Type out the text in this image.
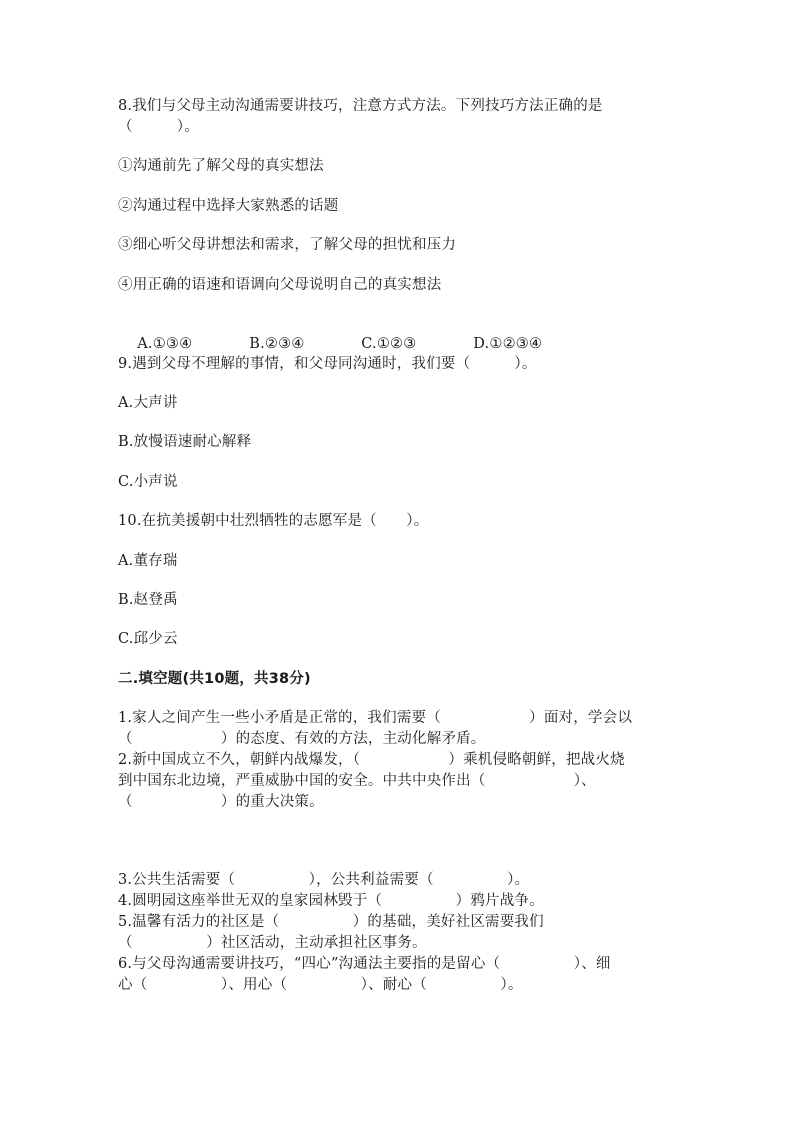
8.我们与父母主动沟通需要讲技巧，注意方式方法。下列技巧方法正确的是
（　　　）。
①沟通前先了解父母的真实想法
②沟通过程中选择大家熟悉的话题
③细心听父母讲想法和需求，了解父母的担忧和压力
④用正确的语速和语调向父母说明自己的真实想法

A.①③④	B.②③④	C.①②③	D.①②③④

9.遇到父母不理解的事情，和父母同沟通时，我们要（　　　）。
A.大声讲
B.放慢语速耐心解释
C.小声说
10.在抗美援朝中壮烈牺牲的志愿军是（　　）。
A.董存瑞
B.赵登禹
C.邱少云
二.填空题(共10题，共38分)
1.家人之间产生一些小矛盾是正常的，我们需要（　　　　　　）面对，学会以
（　　　　　　）的态度、有效的方法，主动化解矛盾。
2.新中国成立不久，朝鲜内战爆发，（　　　　　　）乘机侵略朝鲜，把战火烧
到中国东北边境，严重威胁中国的安全。中共中央作出（　　　　　　）、
（　　　　　　）的重大决策。
3.公共生活需要（　　　　　），公共利益需要（　　　　　）。
4.圆明园这座举世无双的皇家园林毁于（　　　　　）鸦片战争。
5.温馨有活力的社区是（　　　　　）的基础，美好社区需要我们
（　　　　　）社区活动，主动承担社区事务。
6.与父母沟通需要讲技巧，“四心”沟通法主要指的是留心（　　　　　）、细
心（　　　　　）、用心（　　　　　）、耐心（　　　　　）。
